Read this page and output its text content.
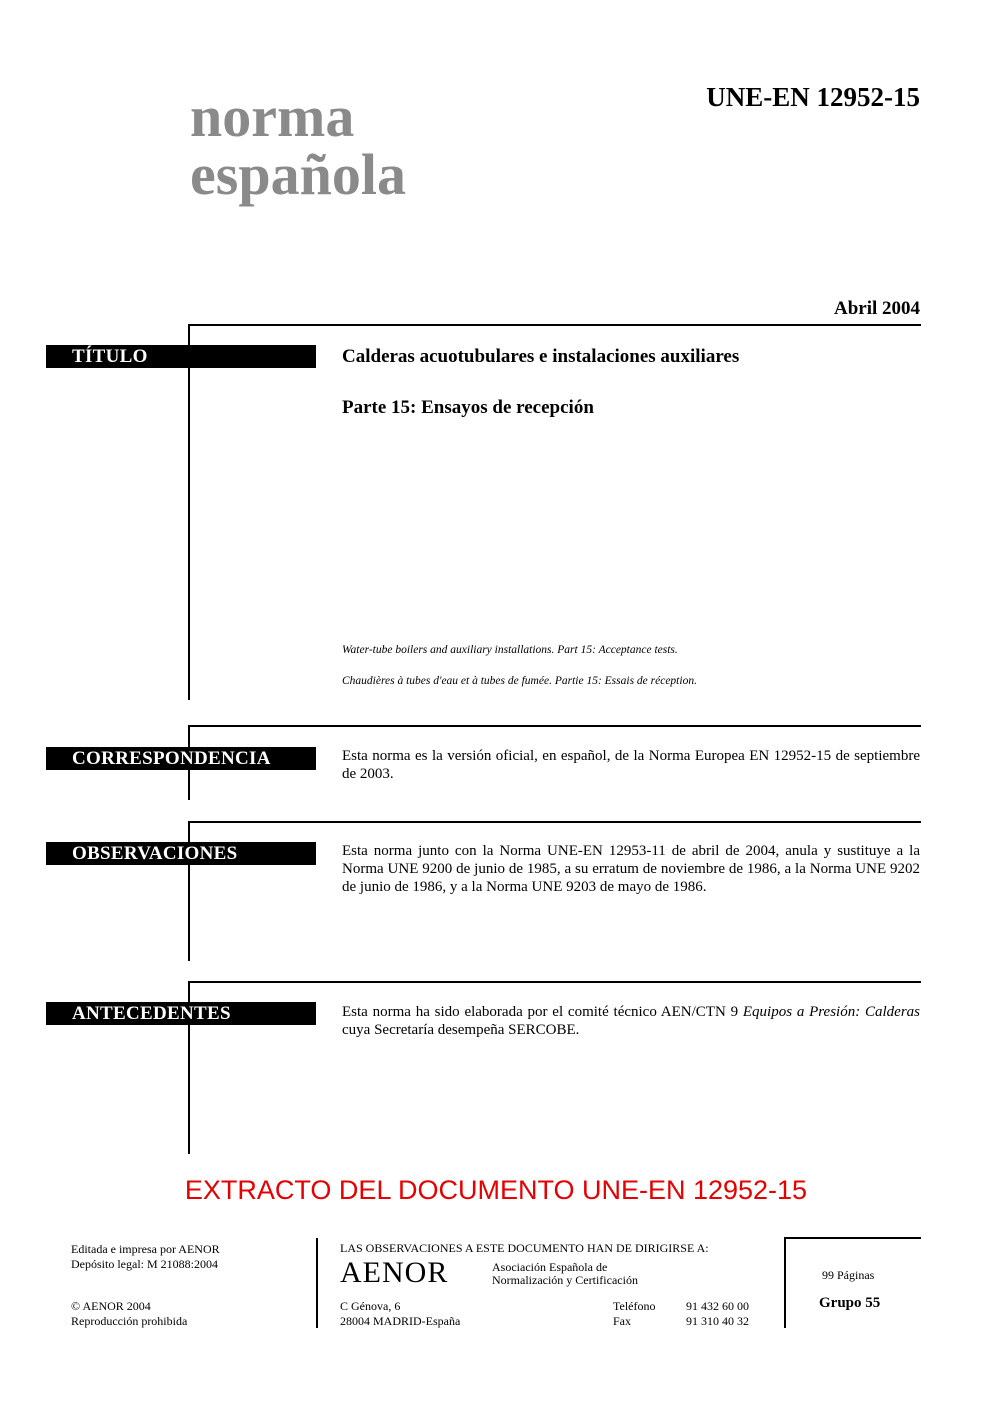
norma
española
UNE-EN 12952-15
Abril 2004
TÍTULO	Calderas acuotubulares e instalaciones auxiliares
Parte 15: Ensayos de recepción
Water-tube boilers and auxiliary installations. Part 15: Acceptance tests.
Chaudières à tubes d'eau et à tubes de fumée. Partie 15: Essais de réception.
CORRESPONDENCIA	Esta norma es la versión oficial, en español, de la Norma Europea EN 12952-15 de septiembre de 2003.
OBSERVACIONES	Esta norma junto con la Norma UNE-EN 12953-11 de abril de 2004, anula y sustituye a la Norma UNE 9200 de junio de 1985, a su erratum de noviembre de 1986, a la Norma UNE 9202 de junio de 1986, y a la Norma UNE 9203 de mayo de 1986.
ANTECEDENTES	Esta norma ha sido elaborada por el comité técnico AEN/CTN 9 Equipos a Presión: Calderas cuya Secretaría desempeña SERCOBE.
EXTRACTO DEL DOCUMENTO UNE-EN 12952-15
Editada e impresa por AENOR
Depósito legal: M 21088:2004
© AENOR 2004
Reproducción prohibida
LAS OBSERVACIONES A ESTE DOCUMENTO HAN DE DIRIGIRSE A:
AENOR	Asociación Española de
Normalización y Certificación
C Génova, 6
28004 MADRID-España
Teléfono	91 432 60 00
Fax	91 310 40 32
99 Páginas
Grupo 55
